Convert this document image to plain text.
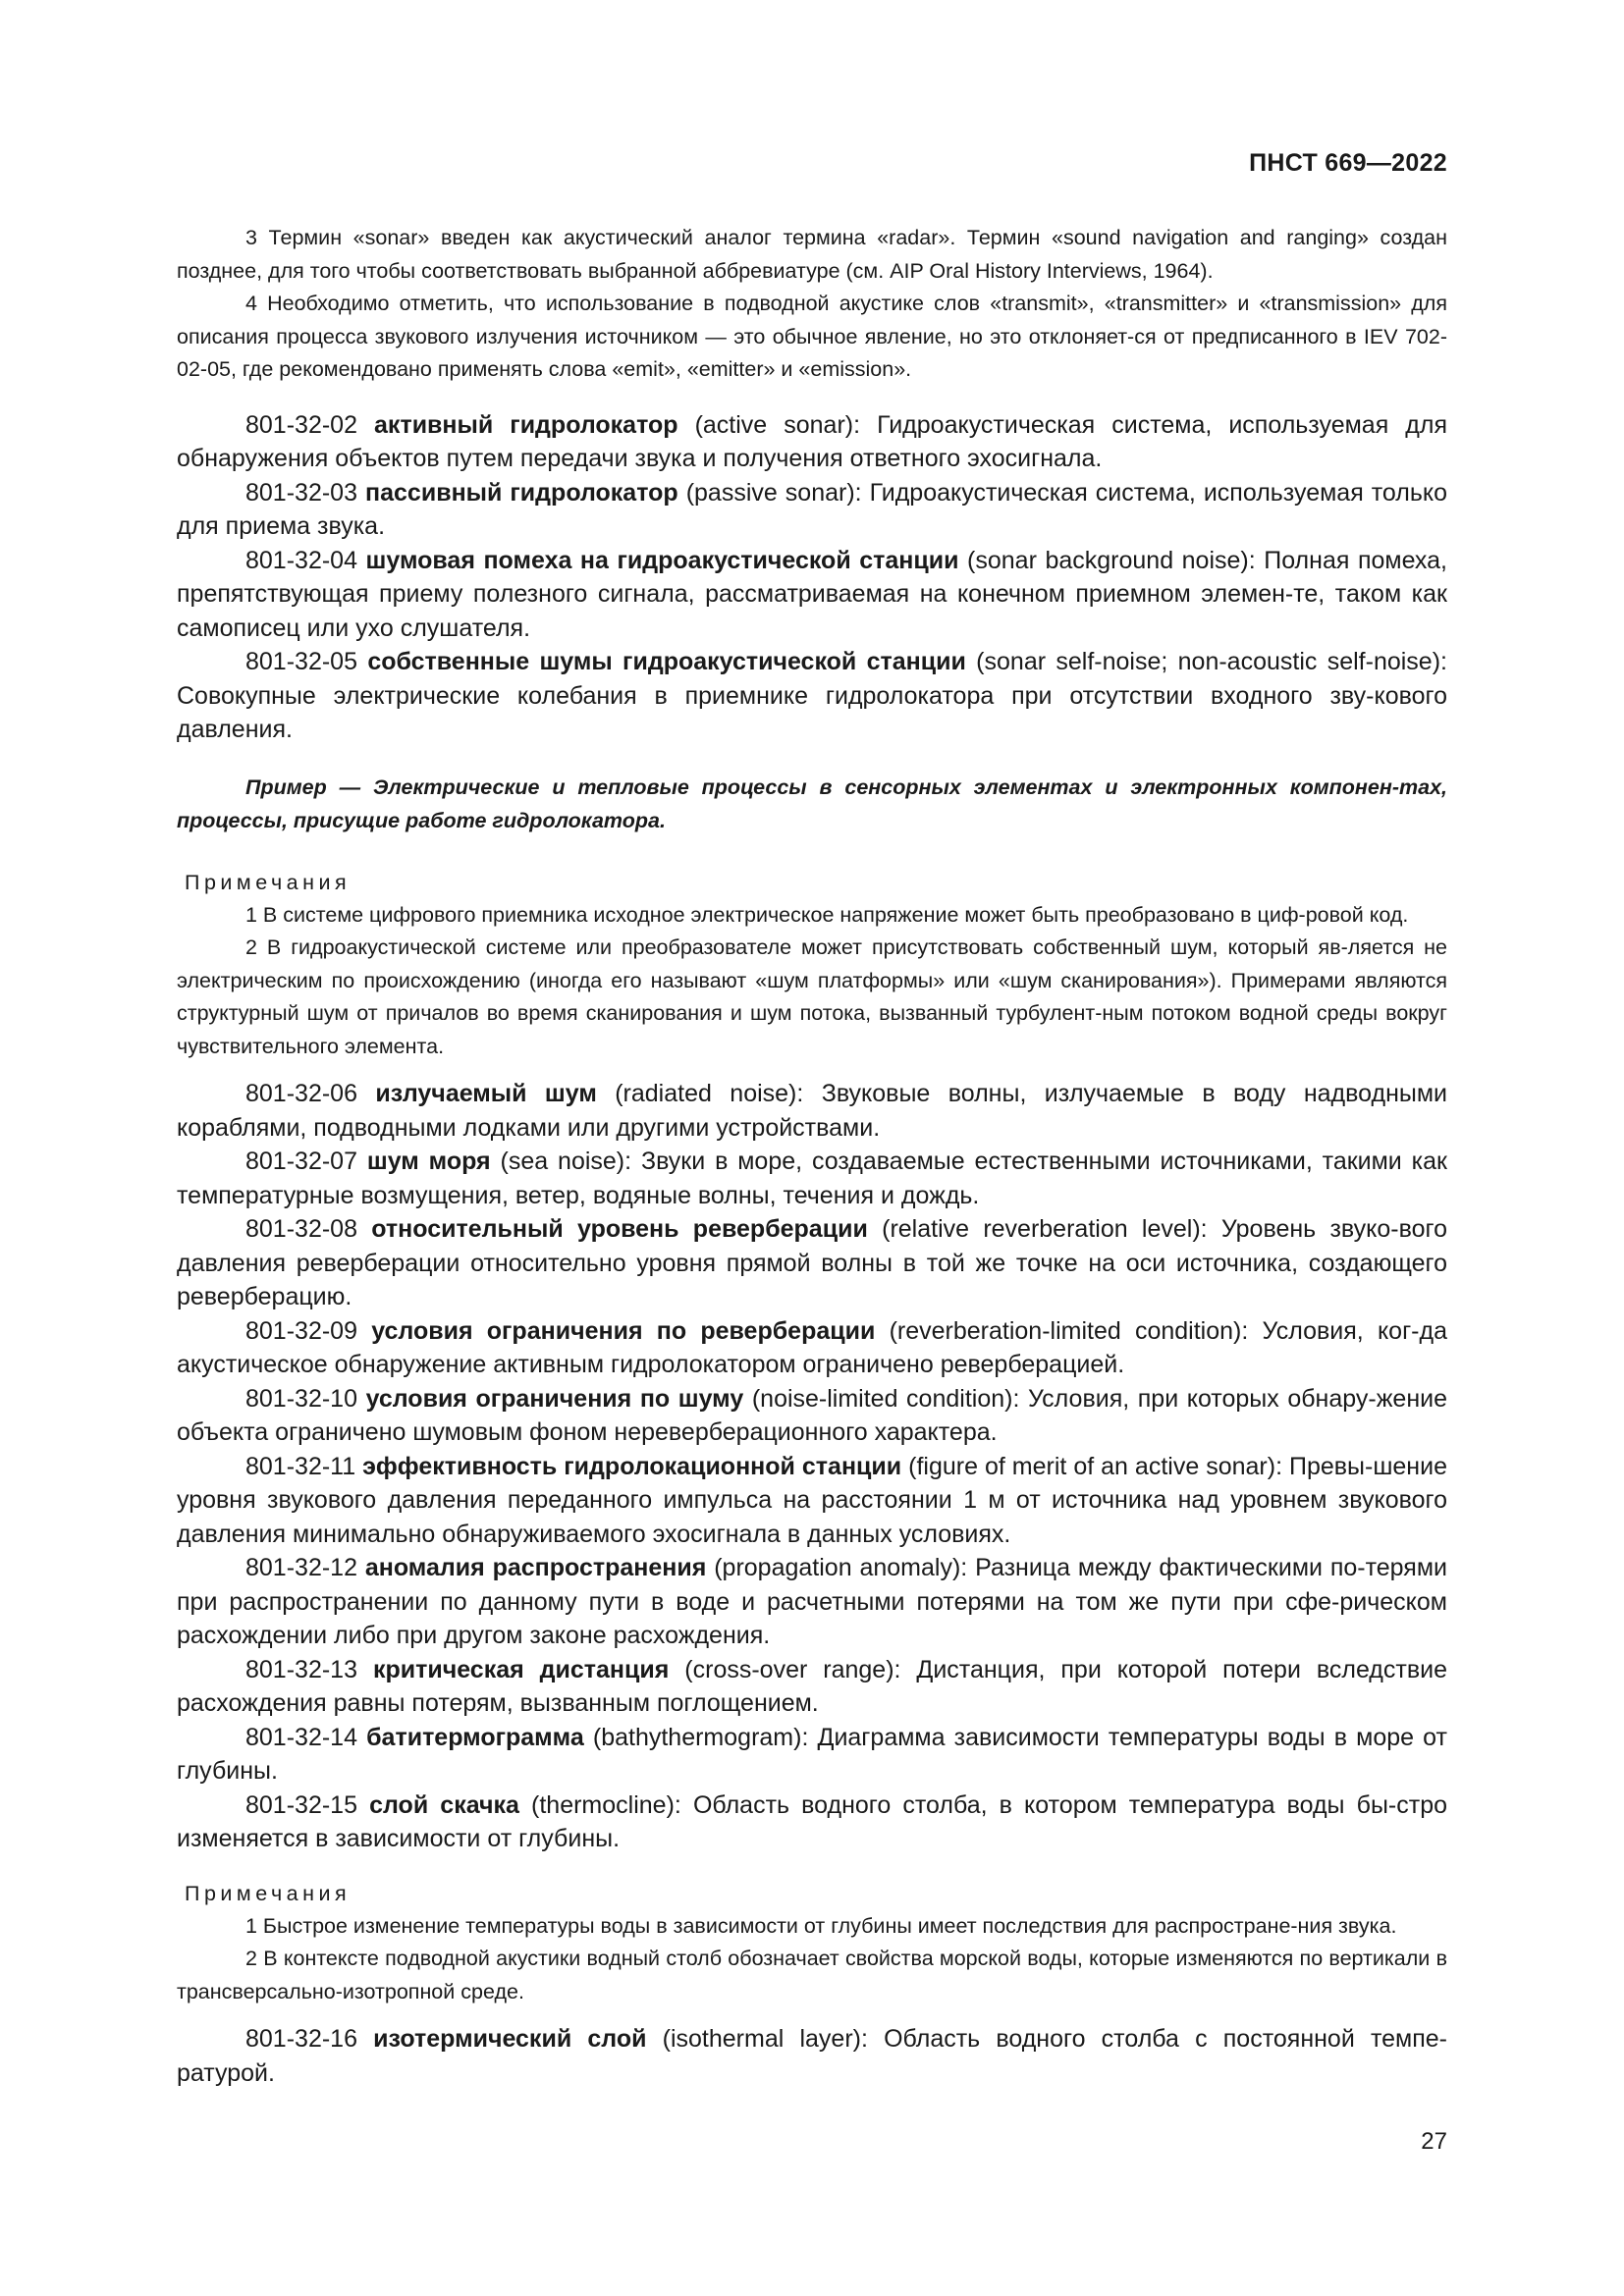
ПНСТ 669—2022

3 Термин «sonar» введен как акустический аналог термина «radar». Термин «sound navigation and ranging» создан позднее, для того чтобы соответствовать выбранной аббревиатуре (см. AIP Oral History Interviews, 1964).

4 Необходимо отметить, что использование в подводной акустике слов «transmit», «transmitter» и «transmission» для описания процесса звукового излучения источником — это обычное явление, но это отклоняет-ся от предписанного в IEV 702-02-05, где рекомендовано применять слова «emit», «emitter» и «emission».

801-32-02 активный гидролокатор (active sonar): Гидроакустическая система, используемая для обнаружения объектов путем передачи звука и получения ответного эхосигнала.

801-32-03 пассивный гидролокатор (passive sonar): Гидроакустическая система, используемая только для приема звука.

801-32-04 шумовая помеха на гидроакустической станции (sonar background noise): Полная помеха, препятствующая приему полезного сигнала, рассматриваемая на конечном приемном элемен-те, таком как самописец или ухо слушателя.

801-32-05 собственные шумы гидроакустической станции (sonar self-noise; non-acoustic self-noise): Совокупные электрические колебания в приемнике гидролокатора при отсутствии входного зву-кового давления.

Пример — Электрические и тепловые процессы в сенсорных элементах и электронных компонен-тах, процессы, присущие работе гидролокатора.

Примечания

1 В системе цифрового приемника исходное электрическое напряжение может быть преобразовано в циф-ровой код.

2 В гидроакустической системе или преобразователе может присутствовать собственный шум, который яв-ляется не электрическим по происхождению (иногда его называют «шум платформы» или «шум сканирования»). Примерами являются структурный шум от причалов во время сканирования и шум потока, вызванный турбулент-ным потоком водной среды вокруг чувствительного элемента.

801-32-06 излучаемый шум (radiated noise): Звуковые волны, излучаемые в воду надводными кораблями, подводными лодками или другими устройствами.

801-32-07 шум моря (sea noise): Звуки в море, создаваемые естественными источниками, такими как температурные возмущения, ветер, водяные волны, течения и дождь.

801-32-08 относительный уровень реверберации (relative reverberation level): Уровень звуко-вого давления реверберации относительно уровня прямой волны в той же точке на оси источника, создающего реверберацию.

801-32-09 условия ограничения по реверберации (reverberation-limited condition): Условия, ког-да акустическое обнаружение активным гидролокатором ограничено реверберацией.

801-32-10 условия ограничения по шуму (noise-limited condition): Условия, при которых обнару-жение объекта ограничено шумовым фоном нереверберационного характера.

801-32-11 эффективность гидролокационной станции (figure of merit of an active sonar): Превы-шение уровня звукового давления переданного импульса на расстоянии 1 м от источника над уровнем звукового давления минимально обнаруживаемого эхосигнала в данных условиях.

801-32-12 аномалия распространения (propagation anomaly): Разница между фактическими по-терями при распространении по данному пути в воде и расчетными потерями на том же пути при сфе-рическом расхождении либо при другом законе расхождения.

801-32-13 критическая дистанция (cross-over range): Дистанция, при которой потери вследствие расхождения равны потерям, вызванным поглощением.

801-32-14 батитермограмма (bathythermogram): Диаграмма зависимости температуры воды в море от глубины.

801-32-15 слой скачка (thermocline): Область водного столба, в котором температура воды бы-стро изменяется в зависимости от глубины.

Примечания

1 Быстрое изменение температуры воды в зависимости от глубины имеет последствия для распростране-ния звука.

2 В контексте подводной акустики водный столб обозначает свойства морской воды, которые изменяются по вертикали в трансверсально-изотропной среде.

801-32-16 изотермический слой (isothermal layer): Область водного столба с постоянной темпе-ратурой.

27
